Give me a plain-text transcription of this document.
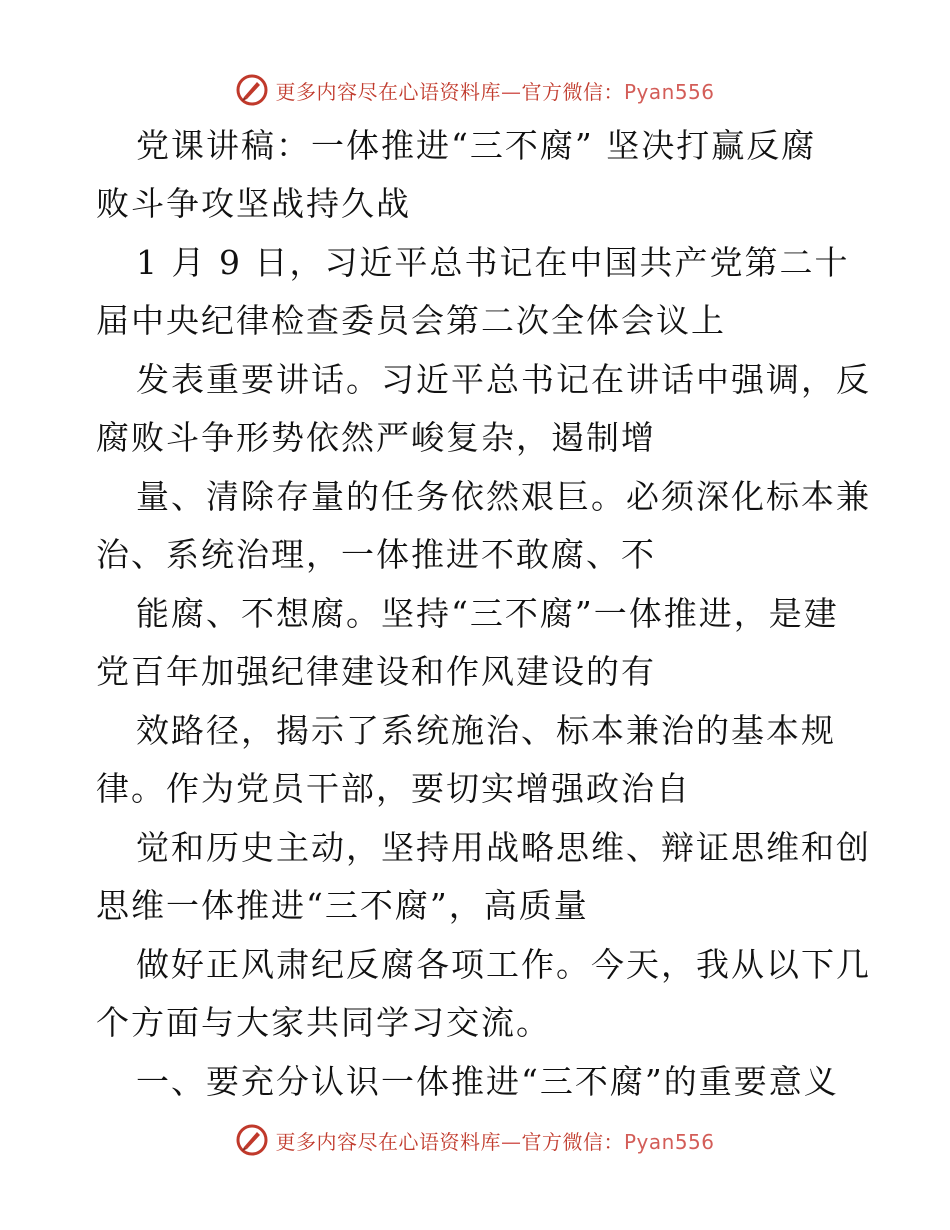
更多内容尽在心语资料库—官方微信：Pyan556
党课讲稿：一体推进“三不腐” 坚决打赢反腐
败斗争攻坚战持久战
1 月 9 日，习近平总书记在中国共产党第二十
届中央纪律检查委员会第二次全体会议上
发表重要讲话。习近平总书记在讲话中强调，反
腐败斗争形势依然严峻复杂，遏制增
量、清除存量的任务依然艰巨。必须深化标本兼
治、系统治理，一体推进不敢腐、不
能腐、不想腐。坚持“三不腐”一体推进，是建
党百年加强纪律建设和作风建设的有
效路径，揭示了系统施治、标本兼治的基本规
律。作为党员干部，要切实增强政治自
觉和历史主动，坚持用战略思维、辩证思维和创
思维一体推进“三不腐”，高质量
做好正风肃纪反腐各项工作。今天，我从以下几
个方面与大家共同学习交流。
一、要充分认识一体推进“三不腐”的重要意义
更多内容尽在心语资料库—官方微信：Pyan556
